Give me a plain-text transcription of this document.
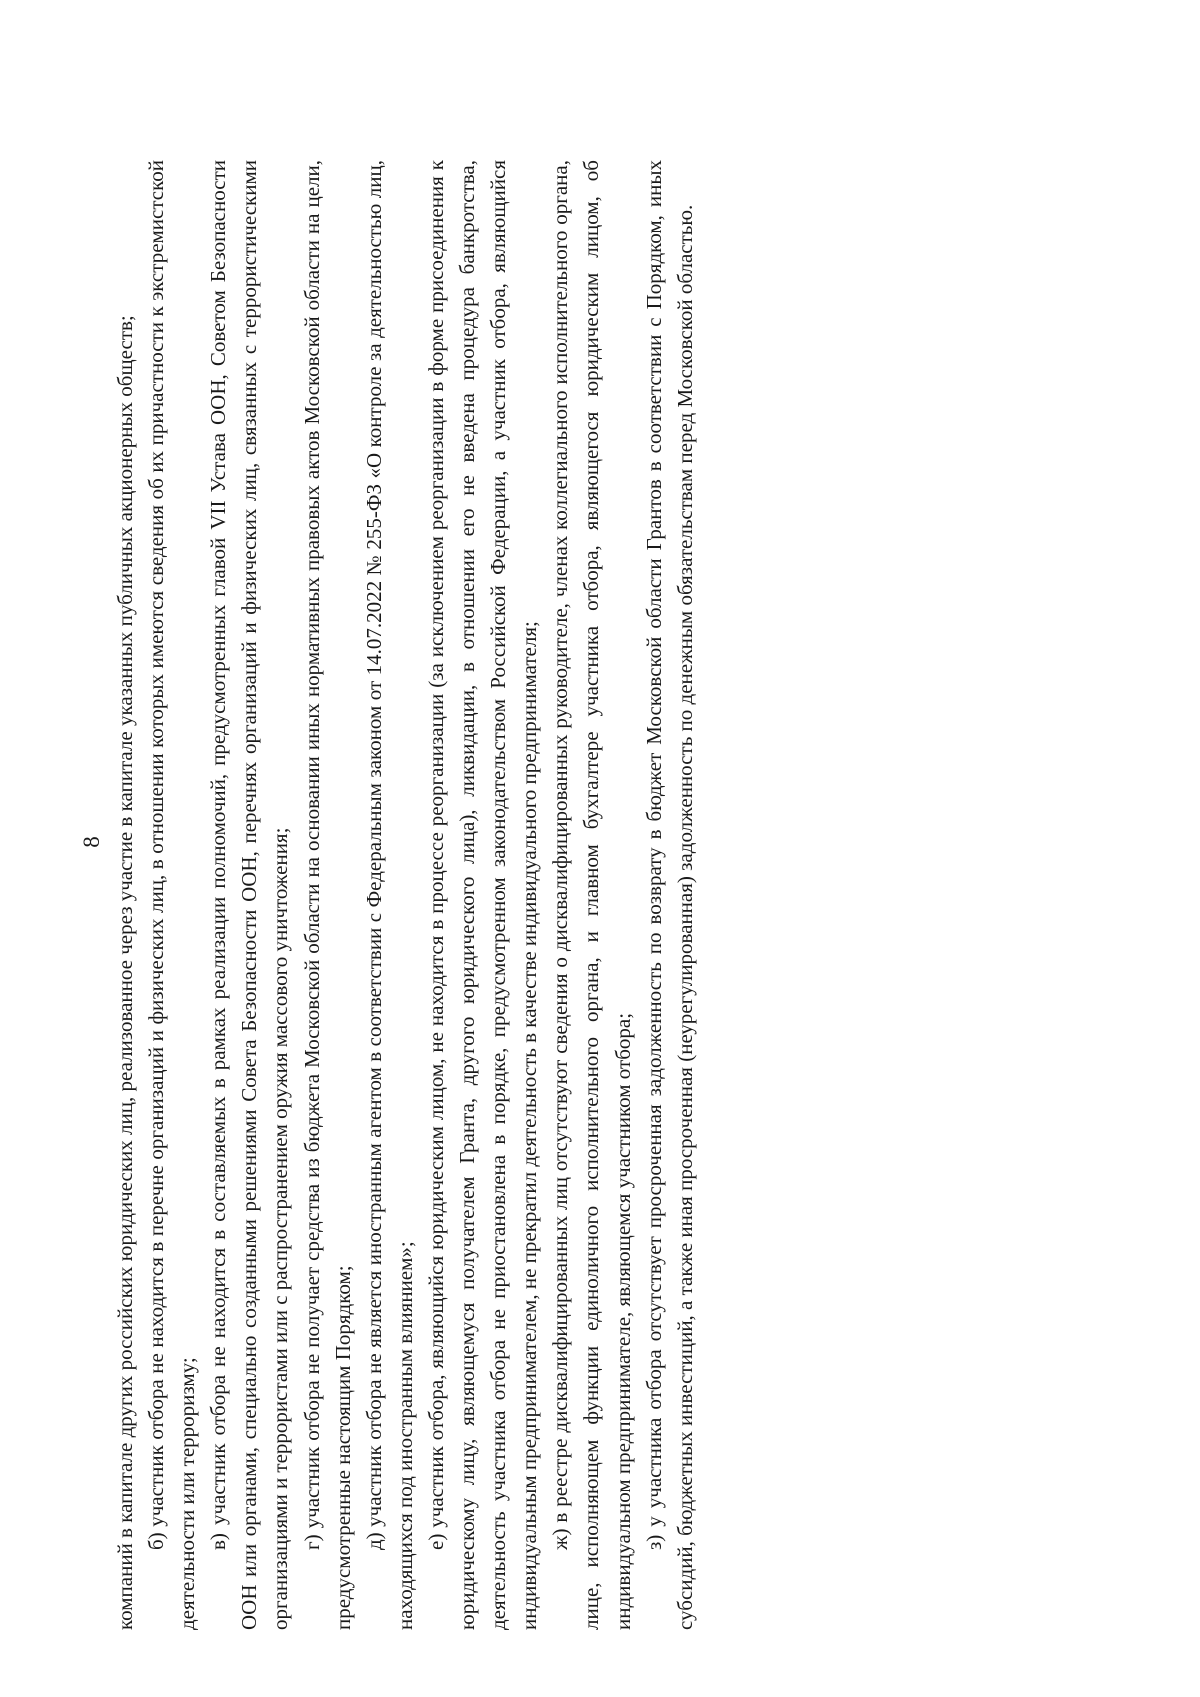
8 компаний в капитале других российских юридических лиц, реализованное через участие в капитале указанных публичных акционерных обществ; б) участник отбора не находится в перечне организаций и физических лиц, в отношении которых имеются сведения об их причастности к экстремистской деятельности или терроризму; в) участник отбора не находится в составляемых в рамках реализации полномочий, предусмотренных главой VII Устава ООН, Советом Безопасности ООН или органами, специально созданными решениями Совета Безопасности ООН, перечнях организаций и физических лиц, связанных с террористическими организациями и террористами или с распространением оружия массового уничтожения; г) участник отбора не получает средства из бюджета Московской области на основании иных нормативных правовых актов Московской области на цели, предусмотренные настоящим Порядком; д) участник отбора не является иностранным агентом в соответствии с Федеральным законом от 14.07.2022 № 255-ФЗ «О контроле за деятельностью лиц, находящихся под иностранным влиянием»; е) участник отбора, являющийся юридическим лицом, не находится в процессе реорганизации (за исключением реорганизации в форме присоединения к юридическому лицу, являющемуся получателем Гранта, другого юридического лица), ликвидации, в отношении его не введена процедура банкротства, деятельность участника отбора не приостановлена в порядке, предусмотренном законодательством Российской Федерации, а участник отбора, являющийся индивидуальным предпринимателем, не прекратил деятельность в качестве индивидуального предпринимателя; ж) в реестре дисквалифицированных лиц отсутствуют сведения о дисквалифицированных руководителе, членах коллегиального исполнительного органа, лице, исполняющем функции единоличного исполнительного органа, и главном бухгалтере участника отбора, являющегося юридическим лицом, об индивидуальном предпринимателе, являющемся участником отбора; з) у участника отбора отсутствует просроченная задолженность по возврату в бюджет Московской области Грантов в соответствии с Порядком, иных субсидий, бюджетных инвестиций, а также иная просроченная (неурегулированная) задолженность по денежным обязательствам перед Московской областью.
